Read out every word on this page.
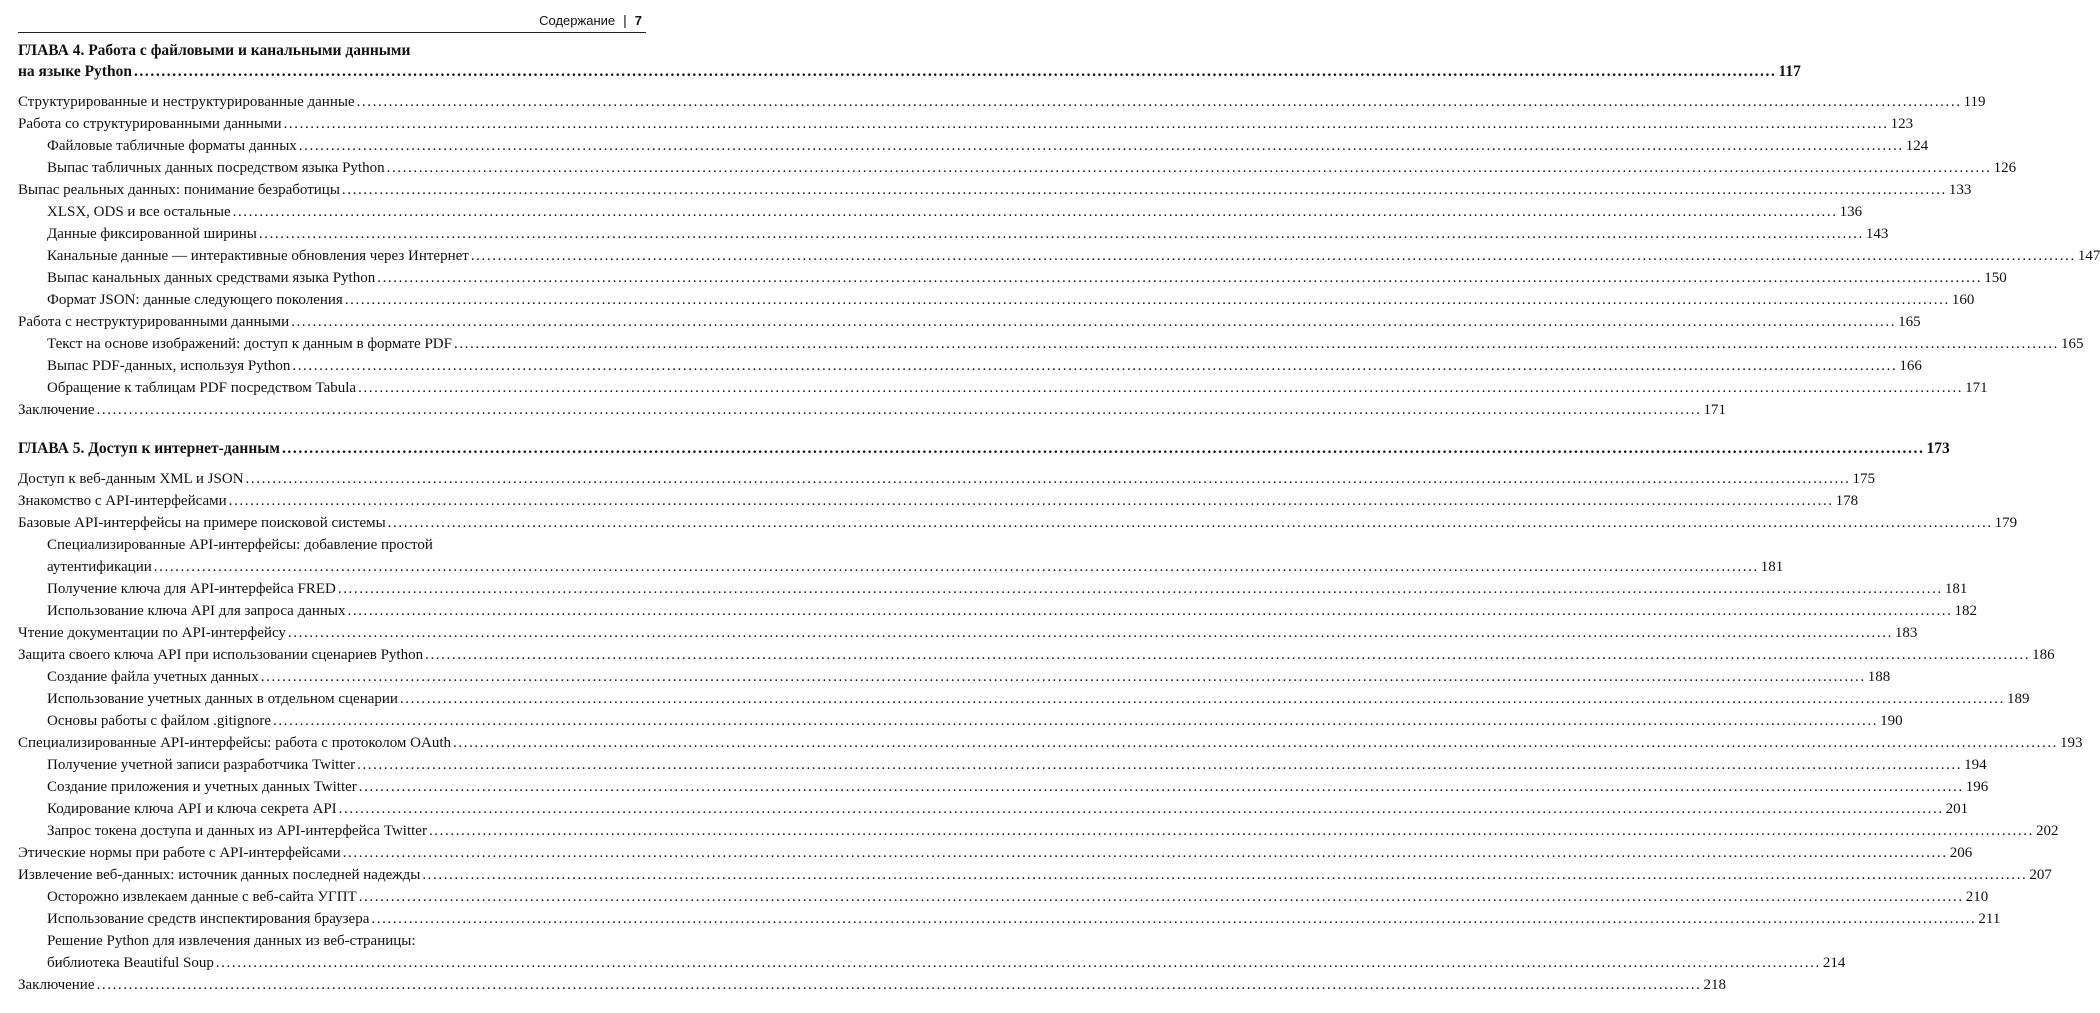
Содержание | 7
ГЛАВА 4. Работа с файловыми и канальными данными
на языке Python ............................................................................................................................................................................................................................................................................................................ 117
Структурированные и неструктурированные данные ............................................................................................................................................................................................................................................................................................................ 119
Работа со структурированными данными ............................................................................................................................................................................................................................................................................................................ 123
Файловые табличные форматы данных ............................................................................................................................................................................................................................................................................................................ 124
Выпас табличных данных посредством языка Python ............................................................................................................................................................................................................................................................................................................ 126
Выпас реальных данных: понимание безработицы ............................................................................................................................................................................................................................................................................................................ 133
XLSX, ODS и все остальные ............................................................................................................................................................................................................................................................................................................ 136
Данные фиксированной ширины ............................................................................................................................................................................................................................................................................................................ 143
Канальные данные — интерактивные обновления через Интернет ............................................................................................................................................................................................................................................................................................................ 147
Выпас канальных данных средствами языка Python ............................................................................................................................................................................................................................................................................................................ 150
Формат JSON: данные следующего поколения ............................................................................................................................................................................................................................................................................................................ 160
Работа с неструктурированными данными ............................................................................................................................................................................................................................................................................................................ 165
Текст на основе изображений: доступ к данным в формате PDF ............................................................................................................................................................................................................................................................................................................ 165
Выпас PDF-данных, используя Python ............................................................................................................................................................................................................................................................................................................ 166
Обращение к таблицам PDF посредством Tabula ............................................................................................................................................................................................................................................................................................................ 171
Заключение ............................................................................................................................................................................................................................................................................................................ 171
ГЛАВА 5. Доступ к интернет-данным ............................................................................................................................................................................................................................................................................................................ 173
Доступ к веб-данным XML и JSON ............................................................................................................................................................................................................................................................................................................ 175
Знакомство с API-интерфейсами ............................................................................................................................................................................................................................................................................................................ 178
Базовые API-интерфейсы на примере поисковой системы ............................................................................................................................................................................................................................................................................................................ 179
Специализированные API-интерфейсы: добавление простой
аутентификации ............................................................................................................................................................................................................................................................................................................ 181
Получение ключа для API-интерфейса FRED ............................................................................................................................................................................................................................................................................................................ 181
Использование ключа API для запроса данных ............................................................................................................................................................................................................................................................................................................ 182
Чтение документации по API-интерфейсу ............................................................................................................................................................................................................................................................................................................ 183
Защита своего ключа API при использовании сценариев Python ............................................................................................................................................................................................................................................................................................................ 186
Создание файла учетных данных ............................................................................................................................................................................................................................................................................................................ 188
Использование учетных данных в отдельном сценарии ............................................................................................................................................................................................................................................................................................................ 189
Основы работы с файлом .gitignore ............................................................................................................................................................................................................................................................................................................ 190
Специализированные API-интерфейсы: работа с протоколом OAuth ............................................................................................................................................................................................................................................................................................................ 193
Получение учетной записи разработчика Twitter ............................................................................................................................................................................................................................................................................................................ 194
Создание приложения и учетных данных Twitter ............................................................................................................................................................................................................................................................................................................ 196
Кодирование ключа API и ключа секрета API ............................................................................................................................................................................................................................................................................................................ 201
Запрос токена доступа и данных из API-интерфейса Twitter ............................................................................................................................................................................................................................................................................................................ 202
Этические нормы при работе с API-интерфейсами ............................................................................................................................................................................................................................................................................................................ 206
Извлечение веб-данных: источник данных последней надежды ............................................................................................................................................................................................................................................................................................................ 207
Осторожно извлекаем данные с веб-сайта УГПТ ............................................................................................................................................................................................................................................................................................................ 210
Использование средств инспектирования браузера ............................................................................................................................................................................................................................................................................................................ 211
Решение Python для извлечения данных из веб-страницы:
библиотека Beautiful Soup ............................................................................................................................................................................................................................................................................................................ 214
Заключение ............................................................................................................................................................................................................................................................................................................ 218
